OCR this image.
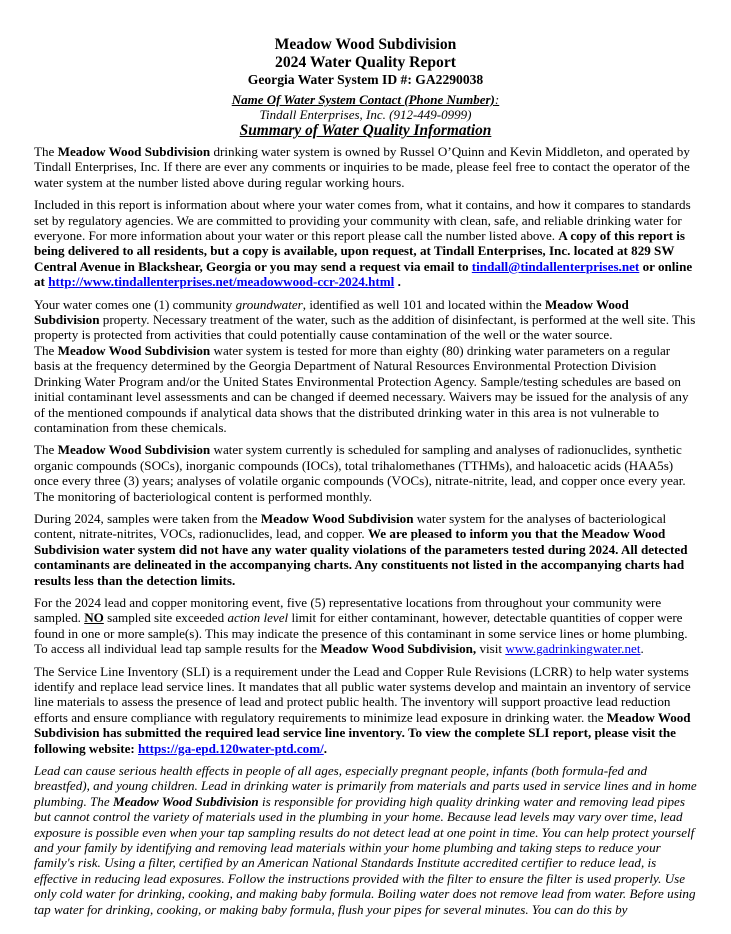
Meadow Wood Subdivision
2024 Water Quality Report
Georgia Water System ID #: GA2290038
Name Of Water System Contact (Phone Number):
Tindall Enterprises, Inc. (912-449-0999)
Summary of Water Quality Information

The Meadow Wood Subdivision drinking water system is owned by Russel O’Quinn and Kevin Middleton, and operated by Tindall Enterprises, Inc. If there are ever any comments or inquiries to be made, please feel free to contact the operator of the water system at the number listed above during regular working hours.

Included in this report is information about where your water comes from, what it contains, and how it compares to standards set by regulatory agencies. We are committed to providing your community with clean, safe, and reliable drinking water for everyone. For more information about your water or this report please call the number listed above. A copy of this report is being delivered to all residents, but a copy is available, upon request, at Tindall Enterprises, Inc. located at 829 SW Central Avenue in Blackshear, Georgia or you may send a request via email to tindall@tindallenterprises.net or online at http://www.tindallenterprises.net/meadowwood-ccr-2024.html .

Your water comes one (1) community groundwater, identified as well 101 and located within the Meadow Wood Subdivision property. Necessary treatment of the water, such as the addition of disinfectant, is performed at the well site. This property is protected from activities that could potentially cause contamination of the well or the water source.

The Meadow Wood Subdivision water system is tested for more than eighty (80) drinking water parameters on a regular basis at the frequency determined by the Georgia Department of Natural Resources Environmental Protection Division Drinking Water Program and/or the United States Environmental Protection Agency. Sample/testing schedules are based on initial contaminant level assessments and can be changed if deemed necessary. Waivers may be issued for the analysis of any of the mentioned compounds if analytical data shows that the distributed drinking water in this area is not vulnerable to contamination from these chemicals.

The Meadow Wood Subdivision water system currently is scheduled for sampling and analyses of radionuclides, synthetic organic compounds (SOCs), inorganic compounds (IOCs), total trihalomethanes (TTHMs), and haloacetic acids (HAA5s) once every three (3) years; analyses of volatile organic compounds (VOCs), nitrate-nitrite, lead, and copper once every year. The monitoring of bacteriological content is performed monthly.

During 2024, samples were taken from the Meadow Wood Subdivision water system for the analyses of bacteriological content, nitrate-nitrites, VOCs, radionuclides, lead, and copper. We are pleased to inform you that the Meadow Wood Subdivision water system did not have any water quality violations of the parameters tested during 2024. All detected contaminants are delineated in the accompanying charts. Any constituents not listed in the accompanying charts had results less than the detection limits.

For the 2024 lead and copper monitoring event, five (5) representative locations from throughout your community were sampled. NO sampled site exceeded action level limit for either contaminant, however, detectable quantities of copper were found in one or more sample(s). This may indicate the presence of this contaminant in some service lines or home plumbing. To access all individual lead tap sample results for the Meadow Wood Subdivision, visit www.gadrinkingwater.net.

The Service Line Inventory (SLI) is a requirement under the Lead and Copper Rule Revisions (LCRR) to help water systems identify and replace lead service lines. It mandates that all public water systems develop and maintain an inventory of service line materials to assess the presence of lead and protect public health. The inventory will support proactive lead reduction efforts and ensure compliance with regulatory requirements to minimize lead exposure in drinking water. the Meadow Wood Subdivision has submitted the required lead service line inventory. To view the complete SLI report, please visit the following website: https://ga-epd.120water-ptd.com/.

Lead can cause serious health effects in people of all ages, especially pregnant people, infants (both formula-fed and breastfed), and young children. Lead in drinking water is primarily from materials and parts used in service lines and in home plumbing. The Meadow Wood Subdivision is responsible for providing high quality drinking water and removing lead pipes but cannot control the variety of materials used in the plumbing in your home. Because lead levels may vary over time, lead exposure is possible even when your tap sampling results do not detect lead at one point in time. You can help protect yourself and your family by identifying and removing lead materials within your home plumbing and taking steps to reduce your family's risk. Using a filter, certified by an American National Standards Institute accredited certifier to reduce lead, is effective in reducing lead exposures. Follow the instructions provided with the filter to ensure the filter is used properly. Use only cold water for drinking, cooking, and making baby formula. Boiling water does not remove lead from water. Before using tap water for drinking, cooking, or making baby formula, flush your pipes for several minutes. You can do this by
